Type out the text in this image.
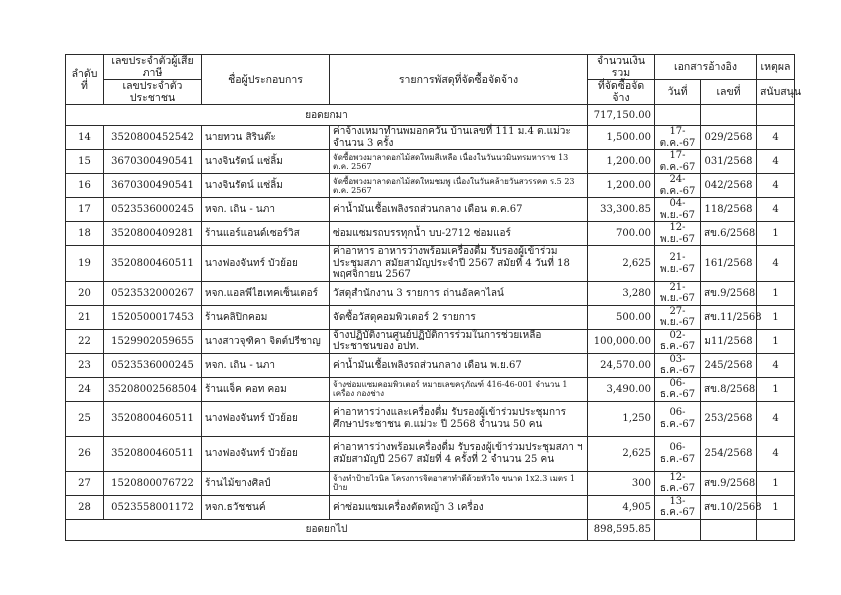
ลำดับที่	เลขประจำตัวผู้เสียภาษี	ชื่อผู้ประกอบการ	รายการพัสดุที่จัดซื้อจัดจ้าง	จำนวนเงินรวม	เอกสารอ้างอิง		เหตุผล
	เลขประจำตัวประชาชน			ที่จัดซื้อจัดจ้าง	วันที่	เลขที่	สนับสนุน
ยอดยกมา				717,150.00			
14	3520800452542	นายทวน สิรินต๊ะ	ค่าจ้างเหมาทำนพมอกควัน บ้านเลขที่ 111 ม.4 ต.แม่วะ จำนวน 3 ครั้ง	1,500.00	17-ต.ค.-67	029/2568	4
15	3670300490541	นางจินรัตน์ แซ่ลิ้ม	จัดซื้อพวงมาลาดอกไม้สดใหมสีเหลือ เนื่องในวันนวมินทรมหาราช 13 ต.ค. 2567	1,200.00	17-ต.ค.-67	031/2568	4
16	3670300490541	นางจินรัตน์ แซ่ลิ้ม	จัดซื้อพวงมาลาดอกไม้สดใหมชมพู เนื่องในวันคล้ายวันสวรรคต ร.5 23 ต.ค. 2567	1,200.00	24-ต.ค.-67	042/2568	4
17	0523536000245	หจก. เถิน - นภา	ค่าน้ำมันเชื้อเพลิงรถส่วนกลาง เดือน ต.ค.67	33,300.85	04-พ.ย.-67	118/2568	4
18	3520800409281	ร้านแอร์แอนด์เซอร์วิส	ซ่อมแซมรถบรรทุกน้ำ บบ-2712 ซ่อมแอร์	700.00	12-พ.ย.-67	สข.6/2568	1
19	3520800460511	นางฟองจันทร์ บัวย้อย	ค่าอาหาร อาหารว่างพร้อมเครื่องดื่ม รับรองผู้เข้าร่วมประชุมสภา สมัยสามัญประจำปี 2567 สมัยที่ 4 วันที่ 18 พฤศจิกายน 2567	2,625	21-พ.ย.-67	161/2568	4
20	0523532000267	หจก.แอลพีไฮเทคเซ็นเตอร์	วัสดุสำนักงาน 3 รายการ ถ่านอัลคาไลน์	3,280	21-พ.ย.-67	สข.9/2568	1
21	1520500017453	ร้านคลิปิกคอม	จัดซื้อวัสดุคอมพิวเตอร์ 2 รายการ	500.00	27-พ.ย.-67	สข.11/2568	1
22	1529902059655	นางสาวจุฑิคา จิตต์ปรีชาญ	จ้างปฏิบัติงานศูนย์ปฏิบัติการร่วมในการช่วยเหลือประชาชนของ อปท.	100,000.00	02-ธ.ค.-67	ม11/2568	1
23	0523536000245	หจก. เถิน - นภา	ค่าน้ำมันเชื้อเพลิงรถส่วนกลาง เดือน พ.ย.67	24,570.00	03-ธ.ค.-67	245/2568	4
24	35208002568504	ร้านแจ็ค คอท คอม	จ้างซ่อมแซมคอมพิวเตอร์ หมายเลขครุภัณฑ์ 416-46-001 จำนวน 1 เครื่อง กองช่าง	3,490.00	06-ธ.ค.-67	สข.8/2568	1
25	3520800460511	นางฟองจันทร์ บัวย้อย	ค่าอาหารว่างและเครื่องดื่ม รับรองผู้เข้าร่วมประชุมการศึกษาประชาชน ต.แม่วะ ปี 2568 จำนวน 50 คน	1,250	06-ธ.ค.-67	253/2568	4
26	3520800460511	นางฟองจันทร์ บัวย้อย	ค่าอาหารว่างพร้อมเครื่องดื่ม รับรองผู้เข้าร่วมประชุมสภา ฯ สมัยสามัญปี 2567 สมัยที่ 4 ครั้งที่ 2 จำนวน 25 คน	2,625	06-ธ.ค.-67	254/2568	4
27	1520800076722	ร้านไม้ขางศิลป์	จ้างทำป้ายไวนิล โครงการจิตอาสาทำดีด้วยหัวใจ ขนาด 1x2.3 เมตร 1 ป้าย	300	12-ธ.ค.-67	สข.9/2568	1
28	0523558001172	หจก.ธวัชชนค์	ค่าซ่อมแซมเครื่องตัดหญ้า 3 เครื่อง	4,905	13-ธ.ค.-67	สข.10/2568	1
ยอดยกไป				898,595.85			
